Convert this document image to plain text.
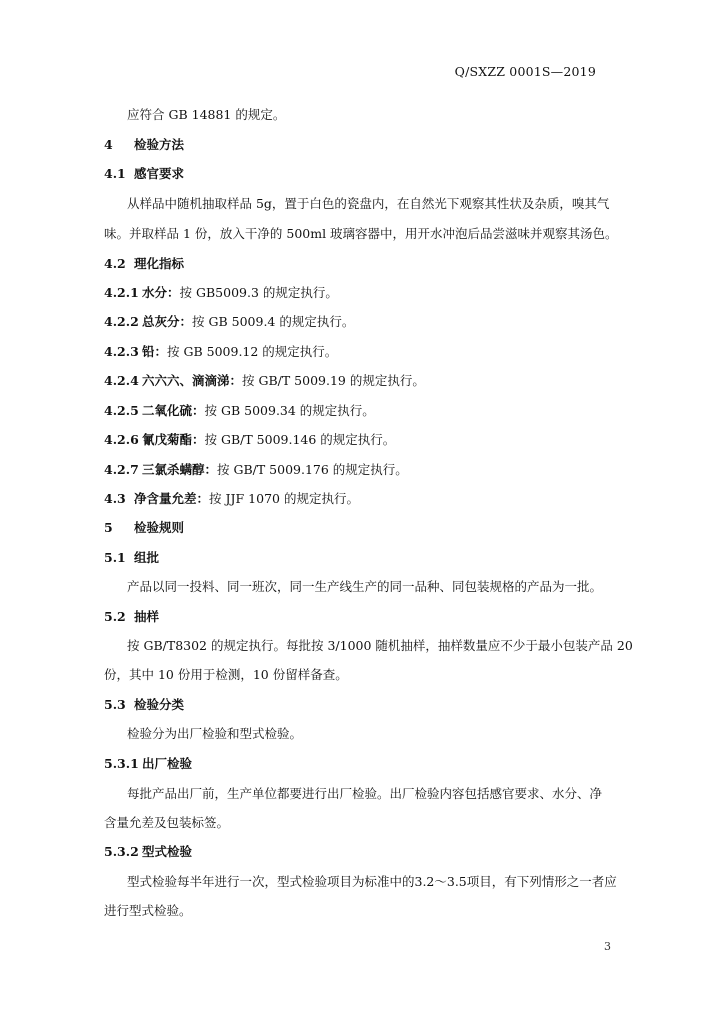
Q/SXZZ 0001S—2019
应符合 GB 14881 的规定。
4 检验方法
4.1 感官要求
从样品中随机抽取样品 5g，置于白色的瓷盘内，在自然光下观察其性状及杂质，嗅其气
味。并取样品 1 份，放入干净的 500ml 玻璃容器中，用开水冲泡后品尝滋味并观察其汤色。
4.2 理化指标
4.2.1 水分：按 GB5009.3 的规定执行。
4.2.2 总灰分：按 GB 5009.4 的规定执行。
4.2.3 铅：按 GB 5009.12 的规定执行。
4.2.4 六六六、滴滴涕：按 GB/T 5009.19 的规定执行。
4.2.5 二氧化硫：按 GB 5009.34 的规定执行。
4.2.6 氰戊菊酯：按 GB/T 5009.146 的规定执行。
4.2.7 三氯杀螨醇：按 GB/T 5009.176 的规定执行。
4.3 净含量允差：按 JJF 1070 的规定执行。
5 检验规则
5.1 组批
产品以同一投料、同一班次，同一生产线生产的同一品种、同包装规格的产品为一批。
5.2 抽样
按 GB/T8302 的规定执行。每批按 3/1000 随机抽样，抽样数量应不少于最小包装产品 20
份，其中 10 份用于检测，10 份留样备查。
5.3 检验分类
检验分为出厂检验和型式检验。
5.3.1 出厂检验
每批产品出厂前，生产单位都要进行出厂检验。出厂检验内容包括感官要求、水分、净
含量允差及包装标签。
5.3.2 型式检验
型式检验每半年进行一次，型式检验项目为标准中的3.2～3.5项目，有下列情形之一者应
进行型式检验。
3
